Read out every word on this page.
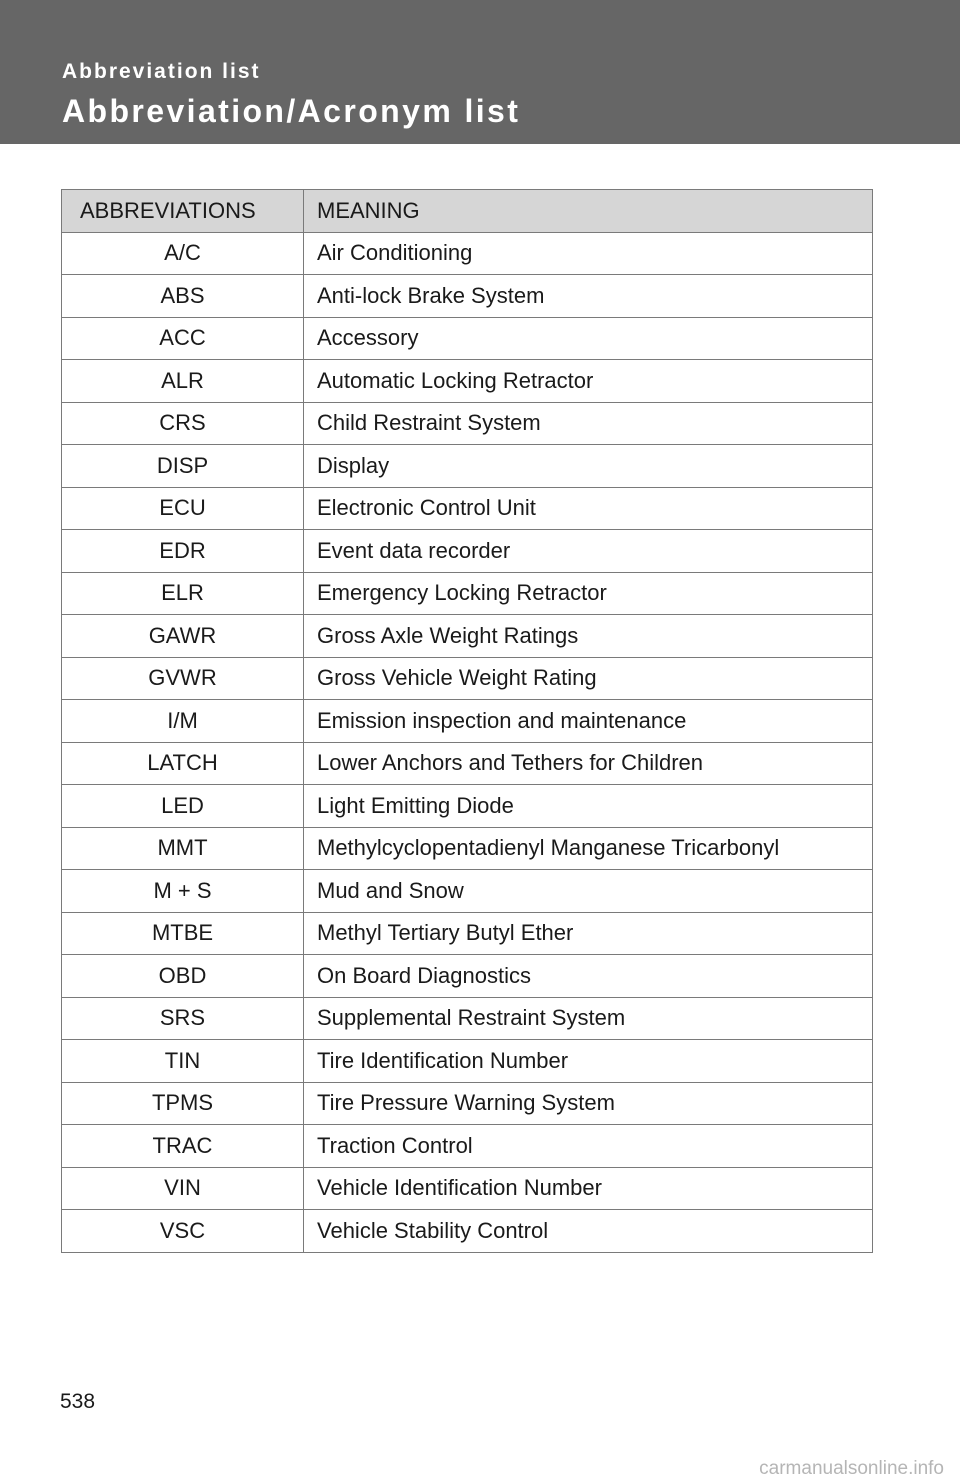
Abbreviation list
Abbreviation/Acronym list
ABBREVIATIONS	MEANING
A/C	Air Conditioning
ABS	Anti-lock Brake System
ACC	Accessory
ALR	Automatic Locking Retractor
CRS	Child Restraint System
DISP	Display
ECU	Electronic Control Unit
EDR	Event data recorder
ELR	Emergency Locking Retractor
GAWR	Gross Axle Weight Ratings
GVWR	Gross Vehicle Weight Rating
I/M	Emission inspection and maintenance
LATCH	Lower Anchors and Tethers for Children
LED	Light Emitting Diode
MMT	Methylcyclopentadienyl Manganese Tricarbonyl
M + S	Mud and Snow
MTBE	Methyl Tertiary Butyl Ether
OBD	On Board Diagnostics
SRS	Supplemental Restraint System
TIN	Tire Identification Number
TPMS	Tire Pressure Warning System
TRAC	Traction Control
VIN	Vehicle Identification Number
VSC	Vehicle Stability Control
538
carmanualsonline.info
